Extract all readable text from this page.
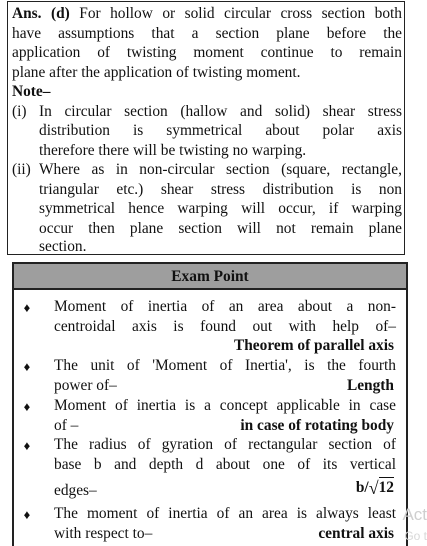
Ans. (d) For hollow or solid circular cross section both
have assumptions that a section plane before the
application of twisting moment continue to remain
plane after the application of twisting moment.
Note–
(i) In circular section (hallow and solid) shear stress
distribution is symmetrical about polar axis
therefore there will be twisting no warping.
(ii) Where as in non-circular section (square, rectangle,
triangular etc.) shear stress distribution is non
symmetrical hence warping will occur, if warping
occur then plane section will not remain plane
section.
Exam Point
♦ Moment of inertia of an area about a non-
centroidal axis is found out with help of–
Theorem of parallel axis
♦ The unit of 'Moment of Inertia', is the fourth
power of–	Length
♦ Moment of inertia is a concept applicable in case
of –	in case of rotating body
♦ The radius of gyration of rectangular section of
base b and depth d about one of its vertical
edges–	b/√12
♦ The moment of inertia of an area is always least
with respect to–	central axis
Act
Go t
